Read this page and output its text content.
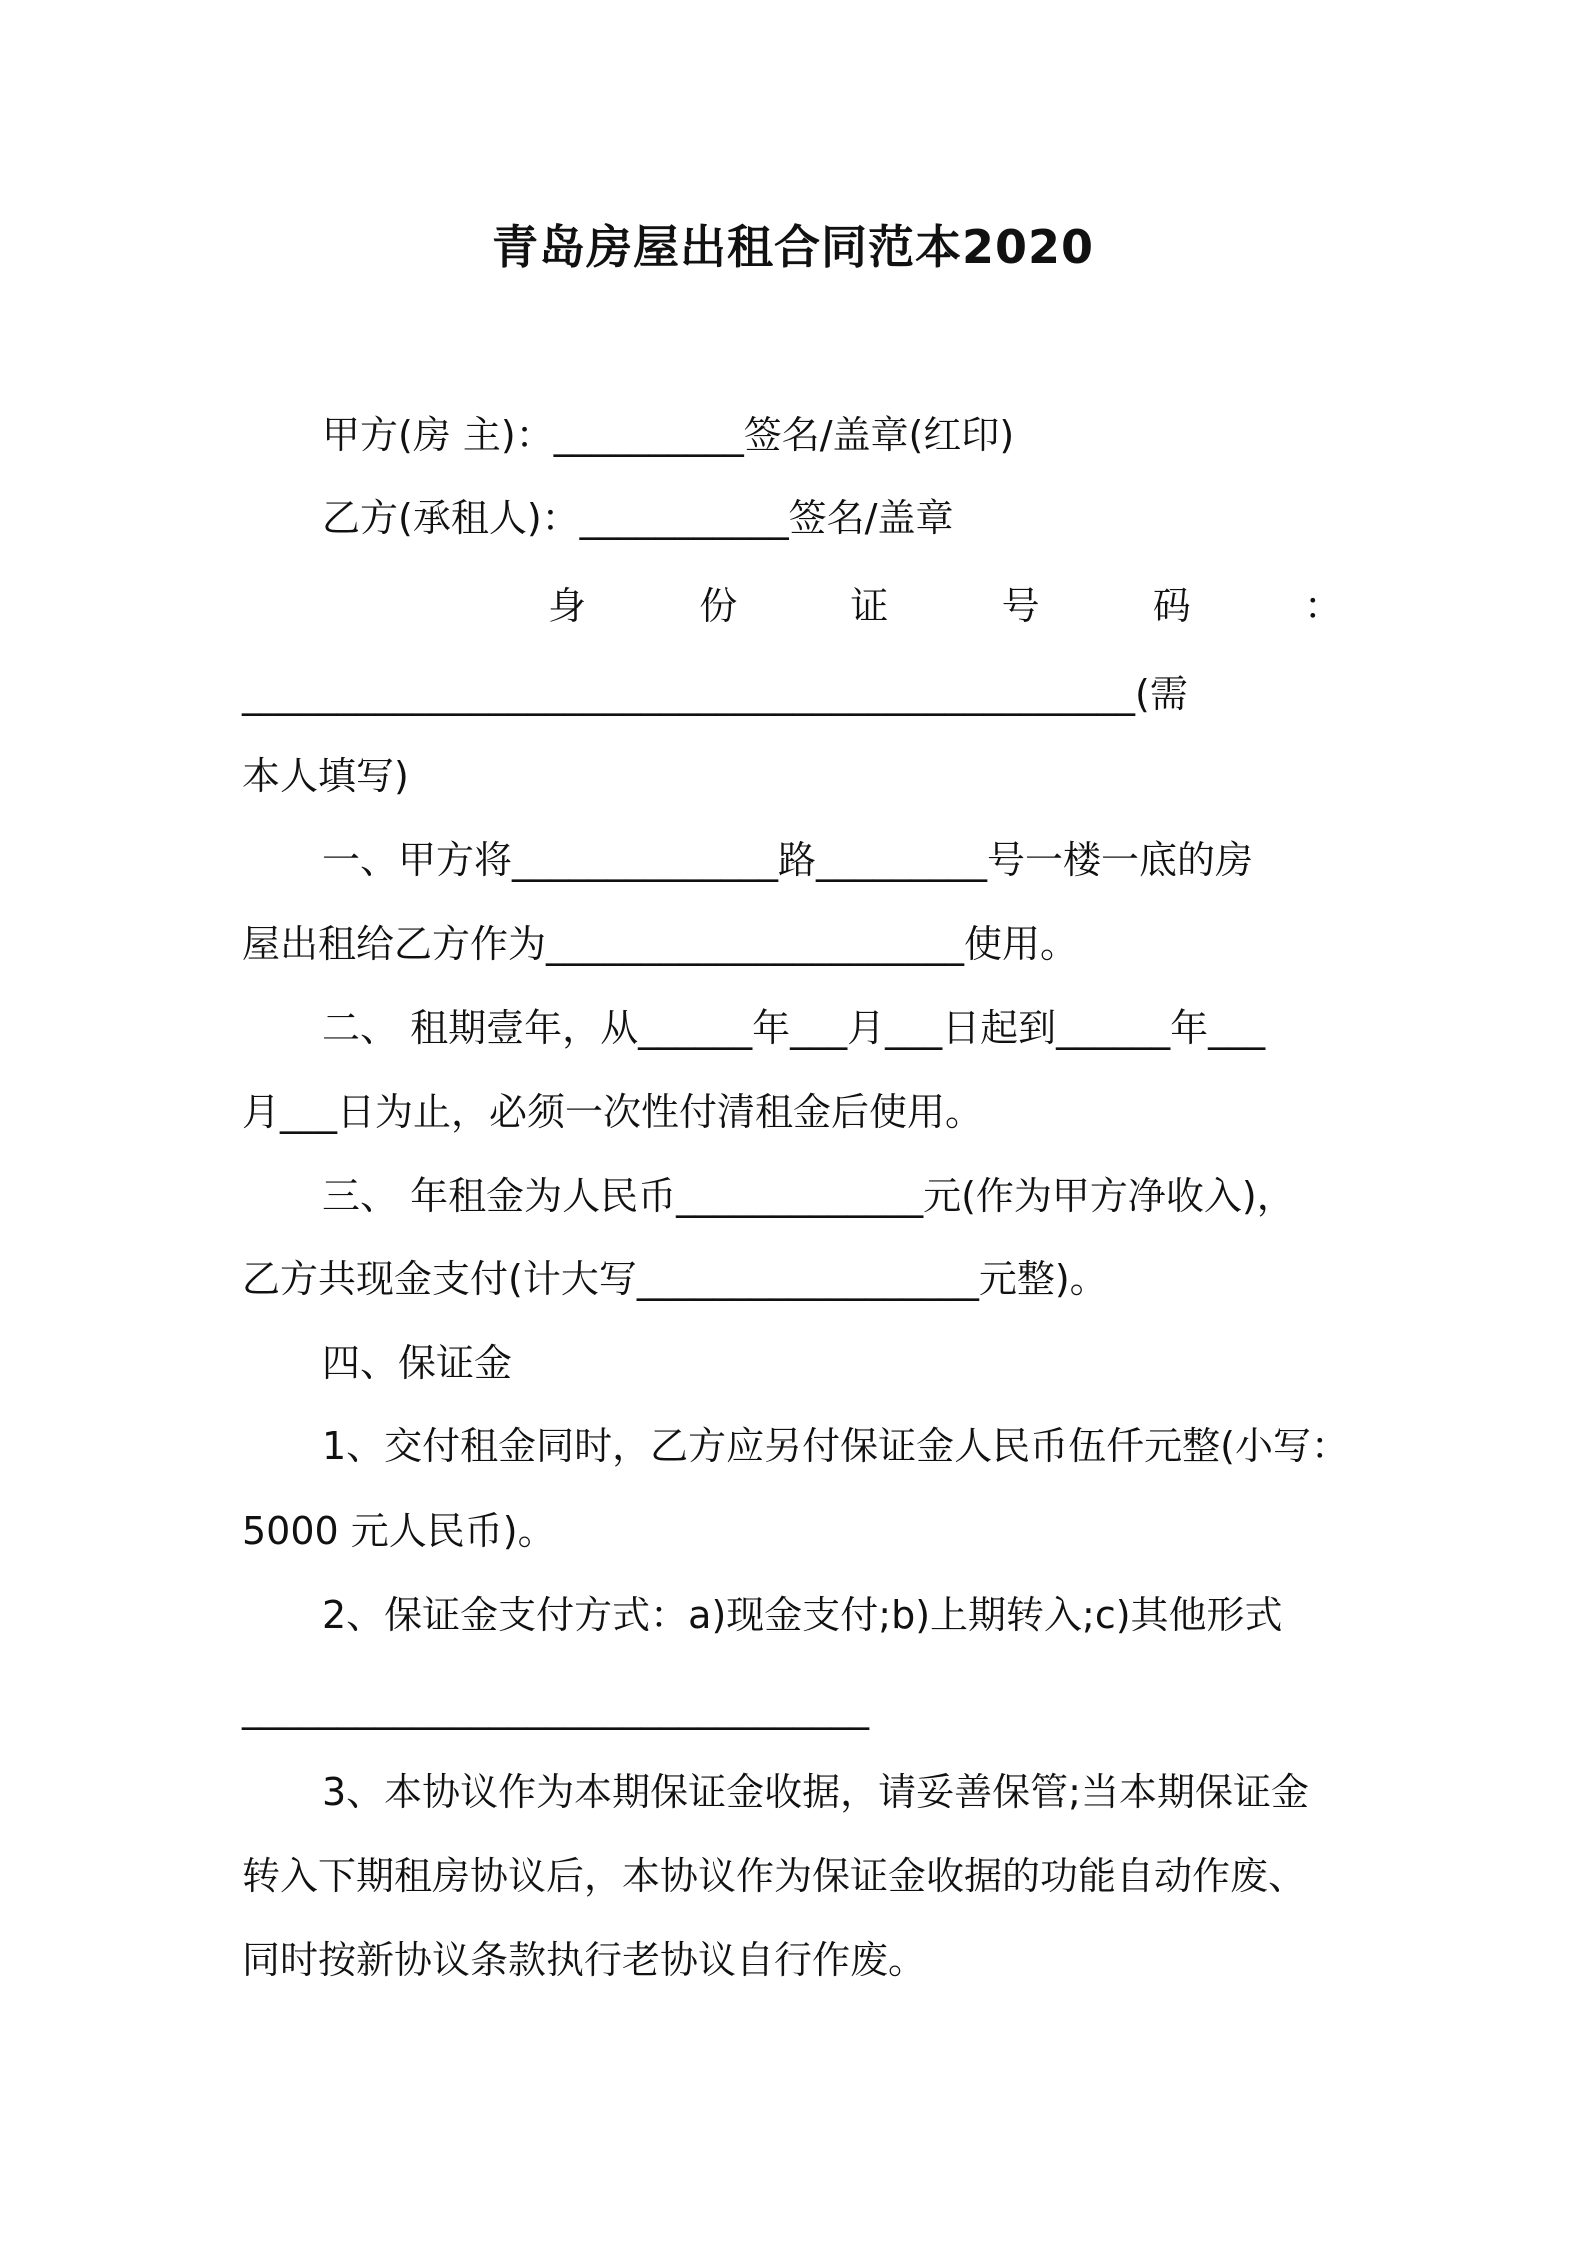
青岛房屋出租合同范本2020
甲方(房 主)：__________签名/盖章(红印)
乙方(承租人)：___________签名/盖章
身	份	证	号	码	：
_______________________________________________(需
本人填写)
一、甲方将______________路_________号一楼一底的房
屋出租给乙方作为______________________使用。
二、 租期壹年，从______年___月___日起到______年___
月___日为止，必须一次性付清租金后使用。
三、 年租金为人民币_____________元(作为甲方净收入)，
乙方共现金支付(计大写__________________元整)。
四、保证金
1、交付租金同时，乙方应另付保证金人民币伍仟元整(小写：
5000 元人民币)。
2、保证金支付方式：a)现金支付;b)上期转入;c)其他形式
_________________________________
3、本协议作为本期保证金收据，请妥善保管;当本期保证金
转入下期租房协议后，本协议作为保证金收据的功能自动作废、
同时按新协议条款执行老协议自行作废。
